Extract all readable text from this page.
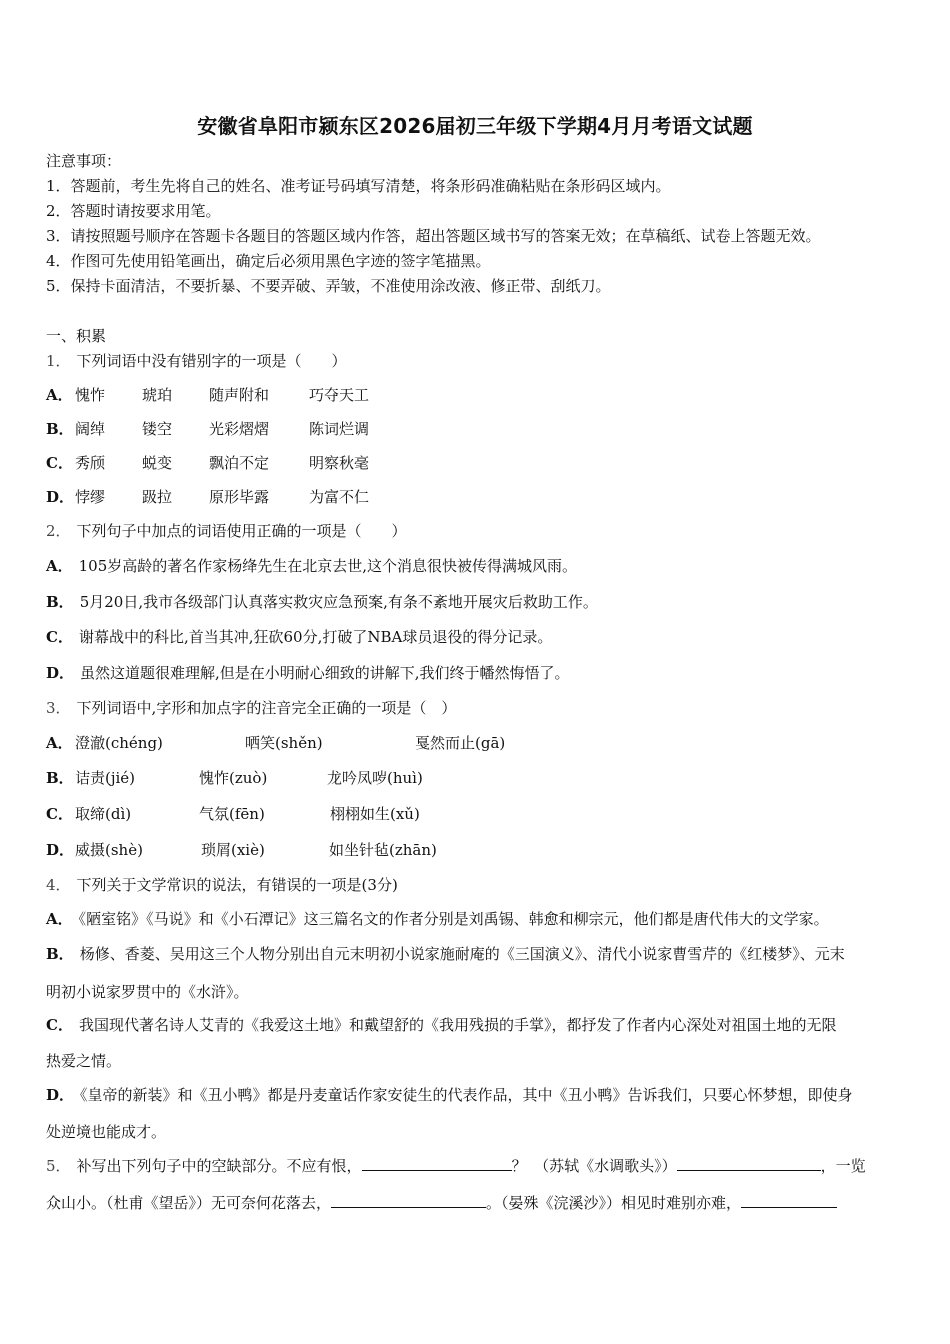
安徽省阜阳市颍东区2026届初三年级下学期4月月考语文试题
注意事项：
1．答题前，考生先将自己的姓名、准考证号码填写清楚，将条形码准确粘贴在条形码区域内。
2．答题时请按要求用笔。
3．请按照题号顺序在答题卡各题目的答题区域内作答，超出答题区域书写的答案无效；在草稿纸、试卷上答题无效。
4．作图可先使用铅笔画出，确定后必须用黑色字迹的签字笔描黑。
5．保持卡面清洁，不要折暴、不要弄破、弄皱，不准使用涂改液、修正带、刮纸刀。
一、积累
1． 下列词语中没有错别字的一项是（　　）
A． 愧怍 琥珀 随声附和	巧夺天工
B． 阔绰 镂空 光彩熠熠	陈词烂调
C． 秀颀 蜕变 飘泊不定	明察秋毫
D． 悖缪 趿拉 原形毕露	为富不仁
2． 下列句子中加点的词语使用正确的一项是（　　）
A． 105岁高龄的著名作家杨绛先生在北京去世,这个消息很快被传得满城风雨。
B． 5月20日,我市各级部门认真落实救灾应急预案,有条不紊地开展灾后救助工作。
C． 谢幕战中的科比,首当其冲,狂砍60分,打破了NBA球员退役的得分记录。
D． 虽然这道题很难理解,但是在小明耐心细致的讲解下,我们终于幡然悔悟了。
3． 下列词语中,字形和加点字的注音完全正确的一项是（　）
A． 澄澈(chéng)	哂笑(shěn)	戛然而止(gā)
B． 诘责(jié)	愧怍(zuò)	龙吟凤哕(huì)
C． 取缔(dì)	气氛(fēn)	栩栩如生(xǔ)
D． 威摄(shè)	琐屑(xiè)	如坐针毡(zhān)
4． 下列关于文学常识的说法，有错误的一项是(3分)
A． 《陋室铭》《马说》和《小石潭记》这三篇名文的作者分别是刘禹锡、韩愈和柳宗元，他们都是唐代伟大的文学家。
B． 杨修、香菱、吴用这三个人物分别出自元末明初小说家施耐庵的《三国演义》、清代小说家曹雪芹的《红楼梦》、元末
明初小说家罗贯中的《水浒》。
C． 我国现代著名诗人艾青的《我爱这土地》和戴望舒的《我用残损的手掌》，都抒发了作者内心深处对祖国土地的无限
热爱之情。
D． 《皇帝的新装》和《丑小鸭》都是丹麦童话作家安徒生的代表作品，其中《丑小鸭》告诉我们，只要心怀梦想，即使身
处逆境也能成才。
5． 补写出下列句子中的空缺部分。不应有恨，	？　（苏轼《水调歌头》）	，一览
众山小。（杜甫《望岳》）无可奈何花落去，	。（晏殊《浣溪沙》）相见时难别亦难，
